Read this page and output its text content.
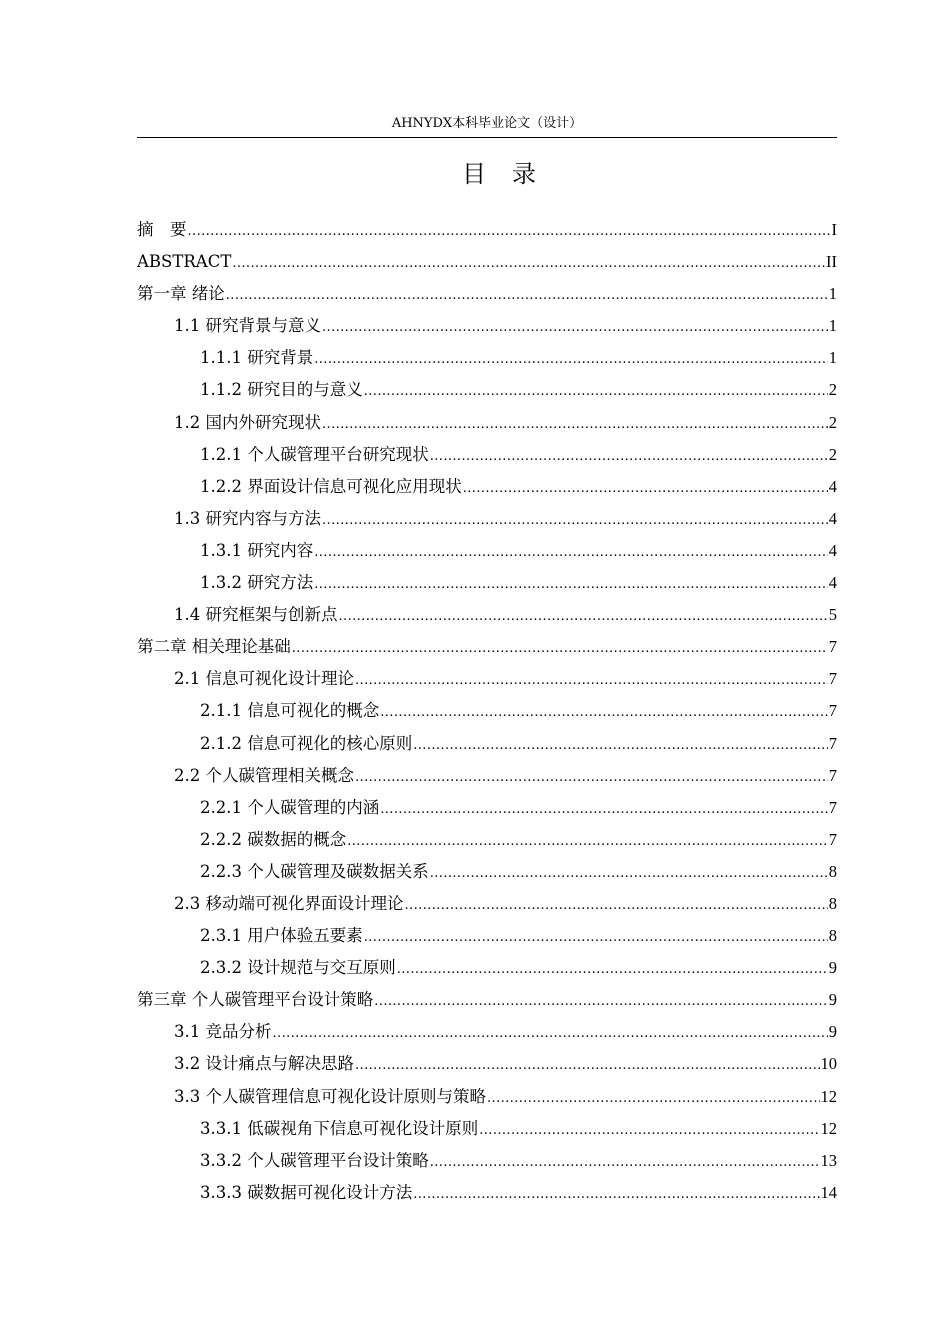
AHNYDX本科毕业论文（设计）
目录
摘　要 .....	I
ABSTRACT .....	II
第一章 绪论 .....	1
1.1 研究背景与意义 .....	1
1.1.1 研究背景 .....	1
1.1.2 研究目的与意义 .....	2
1.2 国内外研究现状 .....	2
1.2.1 个人碳管理平台研究现状 .....	2
1.2.2 界面设计信息可视化应用现状 .....	4
1.3 研究内容与方法 .....	4
1.3.1 研究内容 .....	4
1.3.2 研究方法 .....	4
1.4 研究框架与创新点 .....	5
第二章 相关理论基础 .....	7
2.1 信息可视化设计理论 .....	7
2.1.1 信息可视化的概念 .....	7
2.1.2 信息可视化的核心原则 .....	7
2.2 个人碳管理相关概念 .....	7
2.2.1 个人碳管理的内涵 .....	7
2.2.2 碳数据的概念 .....	7
2.2.3 个人碳管理及碳数据关系 .....	8
2.3 移动端可视化界面设计理论 .....	8
2.3.1 用户体验五要素 .....	8
2.3.2 设计规范与交互原则 .....	9
第三章 个人碳管理平台设计策略 .....	9
3.1 竞品分析 .....	9
3.2 设计痛点与解决思路 .....	10
3.3 个人碳管理信息可视化设计原则与策略 .....	12
3.3.1 低碳视角下信息可视化设计原则 .....	12
3.3.2 个人碳管理平台设计策略 .....	13
3.3.3 碳数据可视化设计方法 .....	14
